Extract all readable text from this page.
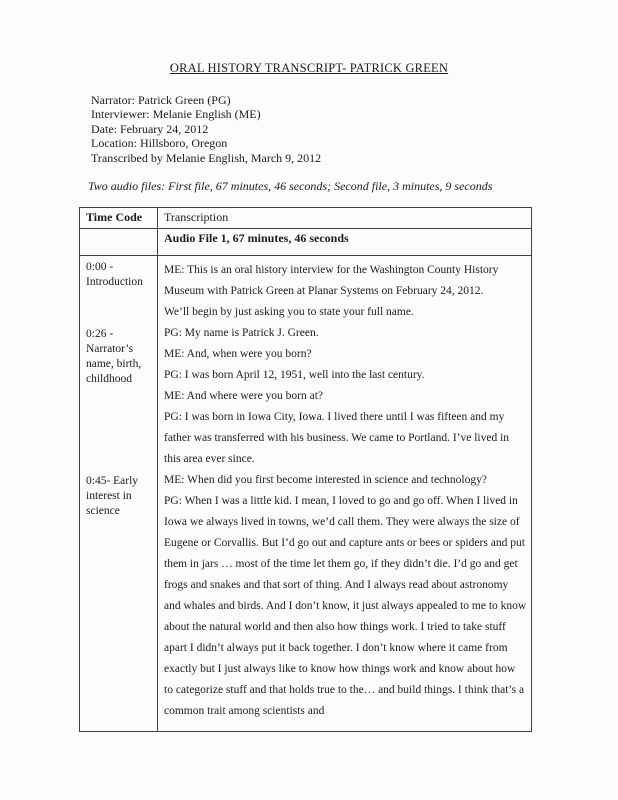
ORAL HISTORY TRANSCRIPT- PATRICK GREEN
Narrator: Patrick Green (PG)
Interviewer: Melanie English (ME)
Date: February 24, 2012
Location: Hillsboro, Oregon
Transcribed by Melanie English, March 9, 2012
Two audio files: First file, 67 minutes, 46 seconds; Second file, 3 minutes, 9 seconds
Time Code	Transcription
Audio File 1, 67 minutes, 46 seconds
0:00 - Introduction

ME: This is an oral history interview for the Washington County History Museum with Patrick Green at Planar Systems on February 24, 2012.

We’ll begin by just asking you to state your full name.

0:26 - Narrator’s name, birth, childhood

PG: My name is Patrick J. Green.

ME: And, when were you born?

PG: I was born April 12, 1951, well into the last century.

ME: And where were you born at?

PG: I was born in Iowa City, Iowa. I lived there until I was fifteen and my father was transferred with his business. We came to Portland. I’ve lived in this area ever since.

0:45- Early interest in science

ME: When did you first become interested in science and technology?

PG: When I was a little kid. I mean, I loved to go and go off. When I lived in Iowa we always lived in towns, we’d call them. They were always the size of Eugene or Corvallis. But I’d go out and capture ants or bees or spiders and put them in jars … most of the time let them go, if they didn’t die. I’d go and get frogs and snakes and that sort of thing. And I always read about astronomy and whales and birds. And I don’t know, it just always appealed to me to know about the natural world and then also how things work. I tried to take stuff apart I didn’t always put it back together. I don’t know where it came from exactly but I just always like to know how things work and know about how to categorize stuff and that holds true to the… and build things. I think that’s a common trait among scientists and
